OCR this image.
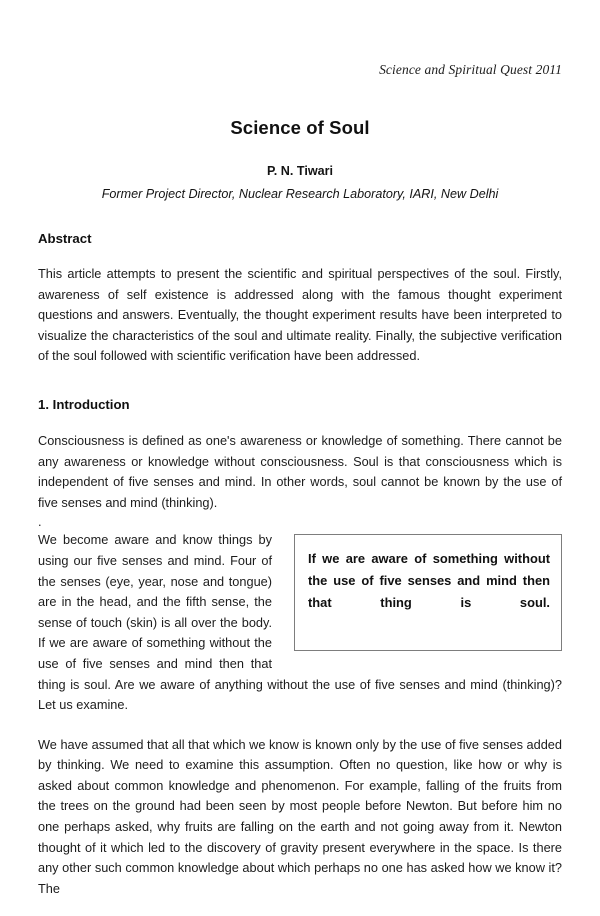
Science and Spiritual Quest 2011
Science of Soul
P. N. Tiwari
Former Project Director, Nuclear Research Laboratory, IARI, New Delhi
Abstract

This article attempts to present the scientific and spiritual perspectives of the soul. Firstly, awareness of self existence is addressed along with the famous thought experiment questions and answers. Eventually, the thought experiment results have been interpreted to visualize the characteristics of the soul and ultimate reality. Finally, the subjective verification of the soul followed with scientific verification have been addressed.

1. Introduction

Consciousness is defined as one's awareness or knowledge of something. There cannot be any awareness or knowledge without consciousness. Soul is that consciousness which is independent of five senses and mind. In other words, soul cannot be known by the use of five senses and mind (thinking).

.

If we are aware of something without the use of five senses and mind then that thing is soul.

We become aware and know things by using our five senses and mind. Four of the senses (eye, year, nose and tongue) are in the head, and the fifth sense, the sense of touch (skin) is all over the body. If we are aware of something without the use of five senses and mind then that thing is soul. Are we aware of anything without the use of five senses and mind (thinking)? Let us examine.

We have assumed that all that which we know is known only by the use of five senses added by thinking. We need to examine this assumption. Often no question, like how or why is asked about common knowledge and phenomenon. For example, falling of the fruits from the trees on the ground had been seen by most people before Newton. But before him no one perhaps asked, why fruits are falling on the earth and not going away from it. Newton thought of it which led to the discovery of gravity present everywhere in the space. Is there any other such common knowledge about which perhaps no one has asked how we know it? The
